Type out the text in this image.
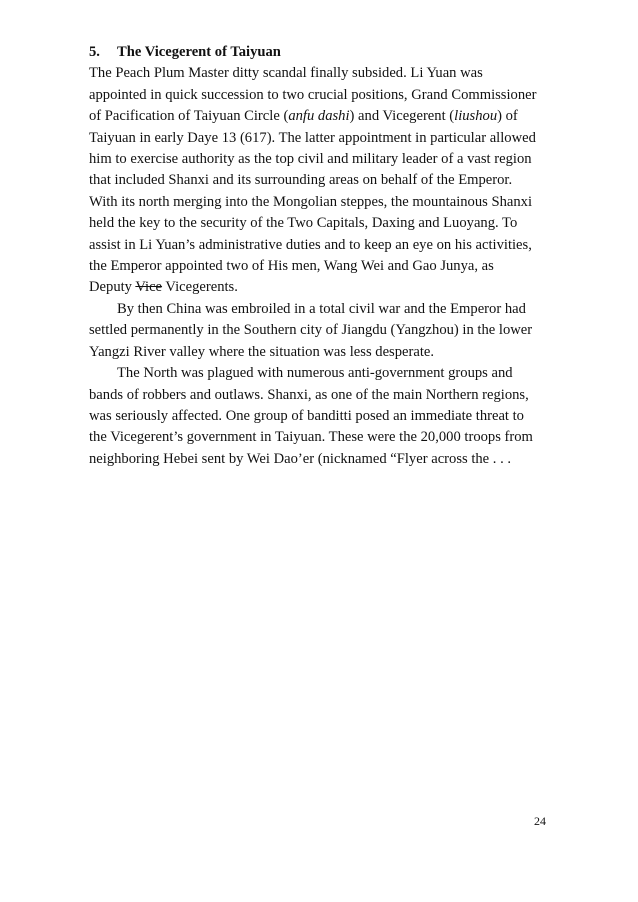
5. The Vicegerent of Taiyuan
The Peach Plum Master ditty scandal finally subsided. Li Yuan was
appointed in quick succession to two crucial positions, Grand Commissioner
of Pacification of Taiyuan Circle (anfu dashi) and Vicegerent (liushou) of
Taiyuan in early Daye 13 (617). The latter appointment in particular allowed
him to exercise authority as the top civil and military leader of a vast region
that included Shanxi and its surrounding areas on behalf of the Emperor.
With its north merging into the Mongolian steppes, the mountainous Shanxi
held the key to the security of the Two Capitals, Daxing and Luoyang. To
assist in Li Yuan’s administrative duties and to keep an eye on his activities,
the Emperor appointed two of His men, Wang Wei and Gao Junya, as
Deputy Vice Vicegerents.
By then China was embroiled in a total civil war and the Emperor had
settled permanently in the Southern city of Jiangdu (Yangzhou) in the lower
Yangzi River valley where the situation was less desperate.
The North was plagued with numerous anti-government groups and
bands of robbers and outlaws. Shanxi, as one of the main Northern regions,
was seriously affected. One group of banditti posed an immediate threat to
the Vicegerent’s government in Taiyuan. These were the 20,000 troops from
neighboring Hebei sent by Wei Dao’er (nicknamed “Flyer across the . . .
24
